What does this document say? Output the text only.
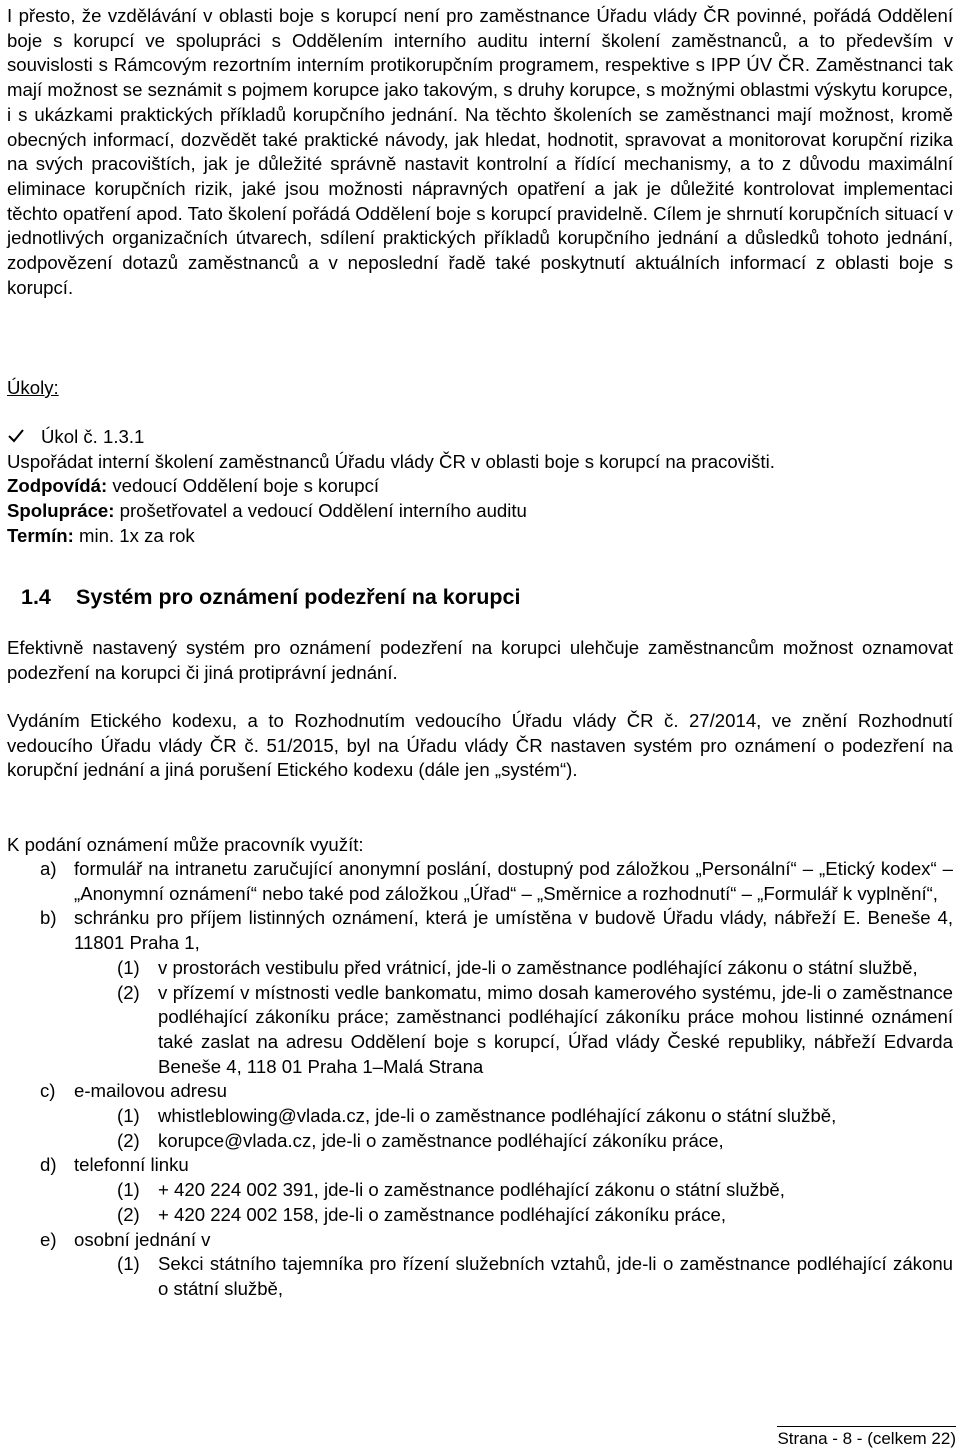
I přesto, že vzdělávání v oblasti boje s korupcí není pro zaměstnance Úřadu vlády ČR povinné, pořádá Oddělení boje s korupcí ve spolupráci s Oddělením interního auditu interní školení zaměstnanců, a to především v souvislosti s Rámcovým rezortním interním protikorupčním programem, respektive s IPP ÚV ČR. Zaměstnanci tak mají možnost se seznámit s pojmem korupce jako takovým, s druhy korupce, s možnými oblastmi výskytu korupce, i s ukázkami praktických příkladů korupčního jednání. Na těchto školeních se zaměstnanci mají možnost, kromě obecných informací, dozvědět také praktické návody, jak hledat, hodnotit, spravovat a monitorovat korupční rizika na svých pracovištích, jak je důležité správně nastavit kontrolní a řídící mechanismy, a to z důvodu maximální eliminace korupčních rizik, jaké jsou možnosti nápravných opatření a jak je důležité kontrolovat implementaci těchto opatření apod. Tato školení pořádá Oddělení boje s korupcí pravidelně. Cílem je shrnutí korupčních situací v jednotlivých organizačních útvarech, sdílení praktických příkladů korupčního jednání a důsledků tohoto jednání, zodpovězení dotazů zaměstnanců a v neposlední řadě také poskytnutí aktuálních informací z oblasti boje s korupcí.

Úkoly:
Úkol č. 1.3.1
Uspořádat interní školení zaměstnanců Úřadu vlády ČR v oblasti boje s korupcí na pracovišti.
Zodpovídá: vedoucí Oddělení boje s korupcí
Spolupráce: prošetřovatel a vedoucí Oddělení interního auditu
Termín: min. 1x za rok
1.4 Systém pro oznámení podezření na korupci

Efektivně nastavený systém pro oznámení podezření na korupci ulehčuje zaměstnancům možnost oznamovat podezření na korupci či jiná protiprávní jednání.

Vydáním Etického kodexu, a to Rozhodnutím vedoucího Úřadu vlády ČR č. 27/2014, ve znění Rozhodnutí vedoucího Úřadu vlády ČR č. 51/2015, byl na Úřadu vlády ČR nastaven systém pro oznámení o podezření na korupční jednání a jiná porušení Etického kodexu (dále jen „systém“).

K podání oznámení může pracovník využít:
a) formulář na intranetu zaručující anonymní poslání, dostupný pod záložkou „Personální“ – „Etický kodex“ – „Anonymní oznámení“ nebo také pod záložkou „Úřad“ – „Směrnice a rozhodnutí“ – „Formulář k vyplnění“,
b) schránku pro příjem listinných oznámení, která je umístěna v budově Úřadu vlády, nábřeží E. Beneše 4, 11801 Praha 1,
(1) v prostorách vestibulu před vrátnicí, jde-li o zaměstnance podléhající zákonu o státní službě,
(2) v přízemí v místnosti vedle bankomatu, mimo dosah kamerového systému, jde-li o zaměstnance podléhající zákoníku práce; zaměstnanci podléhající zákoníku práce mohou listinné oznámení také zaslat na adresu Oddělení boje s korupcí, Úřad vlády České republiky, nábřeží Edvarda Beneše 4, 118 01 Praha 1–Malá Strana
c) e-mailovou adresu
(1) whistleblowing@vlada.cz, jde-li o zaměstnance podléhající zákonu o státní službě,
(2) korupce@vlada.cz, jde-li o zaměstnance podléhající zákoníku práce,
d) telefonní linku
(1) + 420 224 002 391, jde-li o zaměstnance podléhající zákonu o státní službě,
(2) + 420 224 002 158, jde-li o zaměstnance podléhající zákoníku práce,
e) osobní jednání v
(1) Sekci státního tajemníka pro řízení služebních vztahů, jde-li o zaměstnance podléhající zákonu o státní službě,
Strana - 8 - (celkem 22)
